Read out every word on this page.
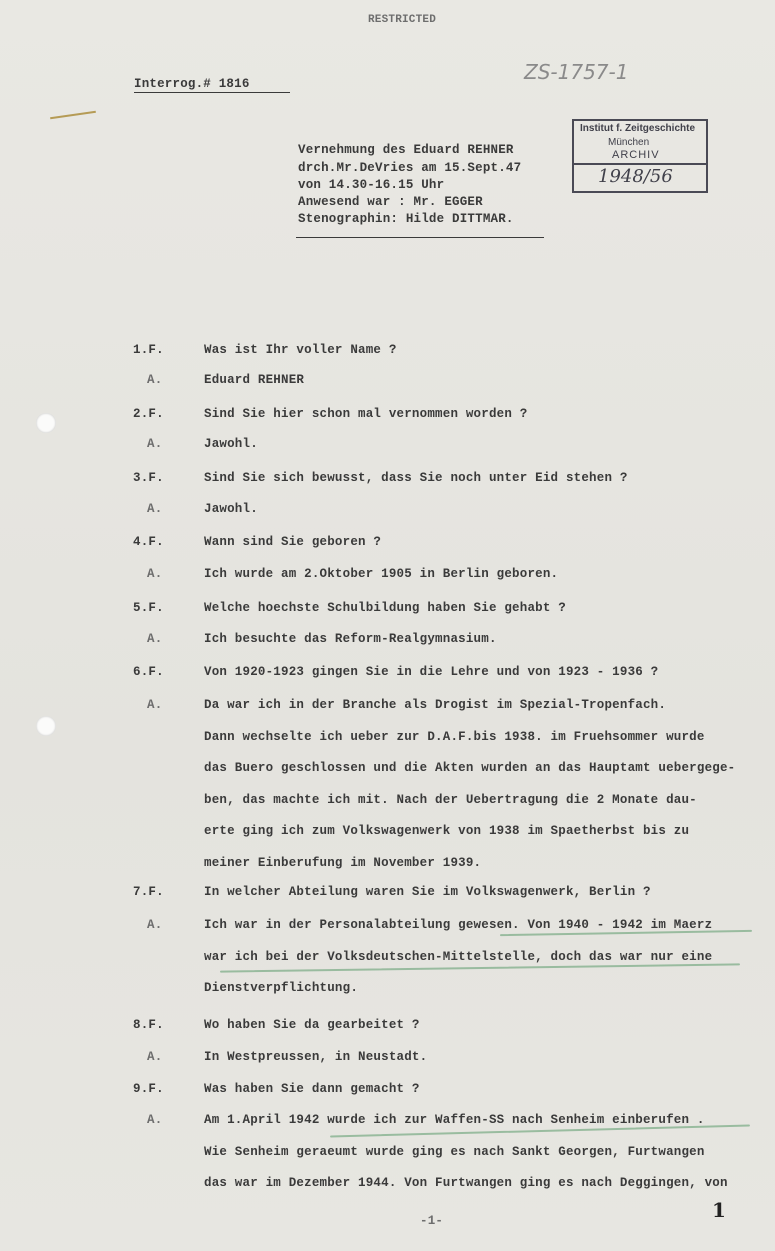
RESTRICTED
Interrog.# 1816	ZS-1757-1
Institut f. Zeitgeschichte
München
ARCHIV
1948/56
Vernehmung des Eduard REHNER
drch.Mr.DeVries am 15.Sept.47
von 14.30-16.15 Uhr
Anwesend war : Mr. EGGER
Stenographin: Hilde DITTMAR.
1.F.	Was ist Ihr voller Name ?
A.	Eduard REHNER
2.F.	Sind Sie hier schon mal vernommen worden ?
A.	Jawohl.
3.F.	Sind Sie sich bewusst, dass Sie noch unter Eid stehen ?
A.	Jawohl.
4.F.	Wann sind Sie geboren ?
A.	Ich wurde am 2.Oktober 1905 in Berlin geboren.
5.F.	Welche hoechste Schulbildung haben Sie gehabt ?
A.	Ich besuchte das Reform-Realgymnasium.
6.F.	Von 1920-1923 gingen Sie in die Lehre und von 1923 - 1936 ?
A.	Da war ich in der Branche als Drogist im Spezial-Tropenfach.
Dann wechselte ich ueber zur D.A.F.bis 1938. im Fruehsommer wurde
das Buero geschlossen und die Akten wurden an das Hauptamt uebergege-
ben, das machte ich mit. Nach der Uebertragung die 2 Monate dau-
erte ging ich zum Volkswagenwerk von 1938 im Spaetherbst bis zu
meiner Einberufung im November 1939.
7.F.	In welcher Abteilung waren Sie im Volkswagenwerk, Berlin ?
A.	Ich war in der Personalabteilung gewesen. Von 1940 - 1942 im Maerz
war ich bei der Volksdeutschen-Mittelstelle, doch das war nur eine
Dienstverpflichtung.
8.F.	Wo haben Sie da gearbeitet ?
A.	In Westpreussen, in Neustadt.
9.F.	Was haben Sie dann gemacht ?
A.	Am 1.April 1942 wurde ich zur Waffen-SS nach Senheim einberufen .
Wie Senheim geraeumt wurde ging es nach Sankt Georgen, Furtwangen
das war im Dezember 1944. Von Furtwangen ging es nach Deggingen, von
-1-	1
